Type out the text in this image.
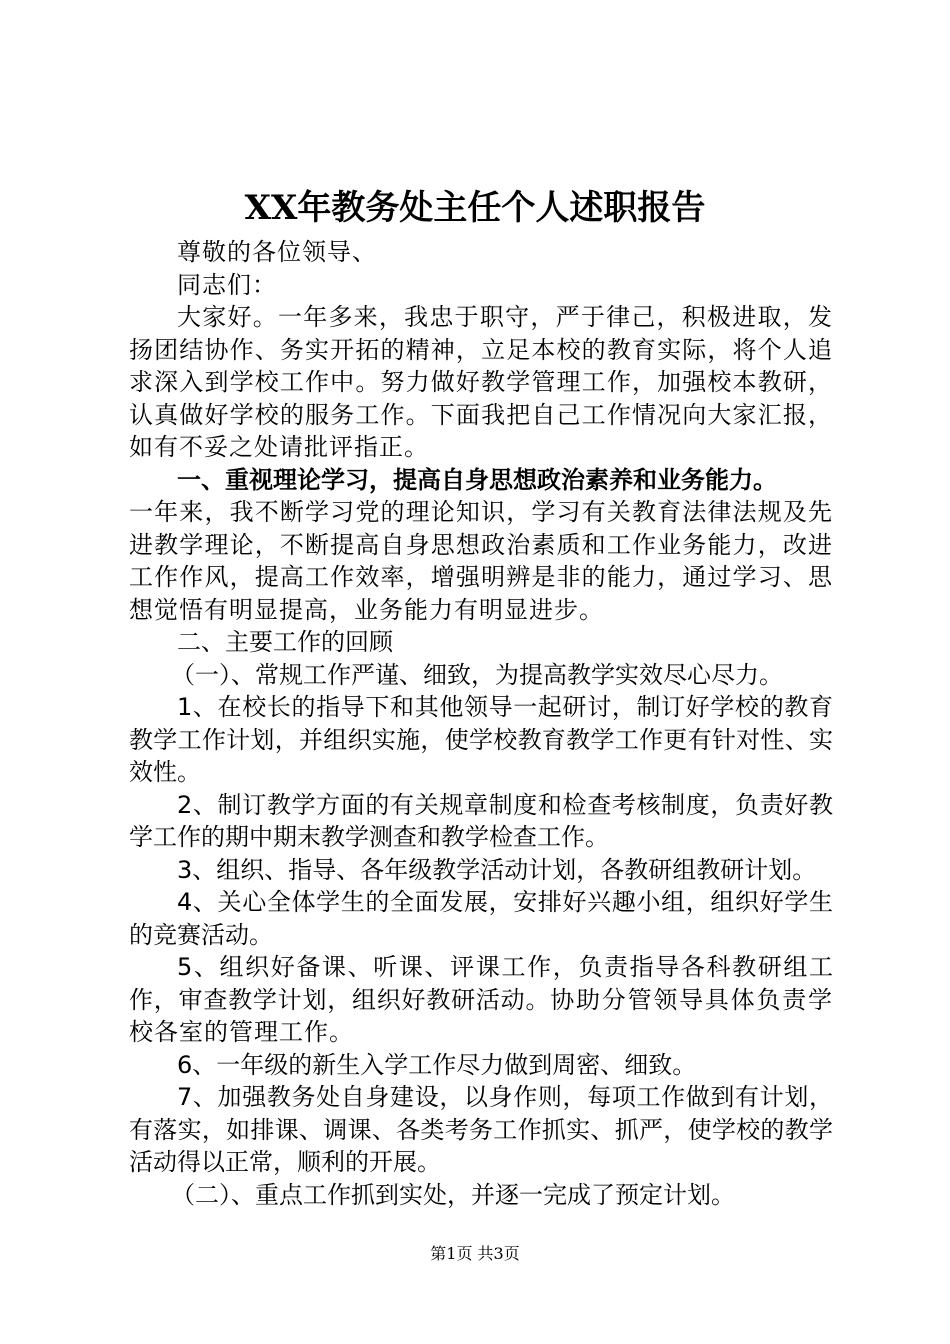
XX年教务处主任个人述职报告

尊敬的各位领导、

同志们：

大家好。一年多来，我忠于职守，严于律己，积极进取，发扬团结协作、务实开拓的精神，立足本校的教育实际，将个人追求深入到学校工作中。努力做好教学管理工作，加强校本教研，认真做好学校的服务工作。下面我把自己工作情况向大家汇报，如有不妥之处请批评指正。

一、重视理论学习，提高自身思想政治素养和业务能力。

一年来，我不断学习党的理论知识，学习有关教育法律法规及先进教学理论，不断提高自身思想政治素质和工作业务能力，改进工作作风，提高工作效率，增强明辨是非的能力，通过学习、思想觉悟有明显提高，业务能力有明显进步。

二、主要工作的回顾

（一）、常规工作严谨、细致，为提高教学实效尽心尽力。

1、在校长的指导下和其他领导一起研讨，制订好学校的教育教学工作计划，并组织实施，使学校教育教学工作更有针对性、实效性。

2、制订教学方面的有关规章制度和检查考核制度，负责好教学工作的期中期末教学测查和教学检查工作。

3、组织、指导、各年级教学活动计划，各教研组教研计划。

4、关心全体学生的全面发展，安排好兴趣小组，组织好学生的竞赛活动。

5、组织好备课、听课、评课工作，负责指导各科教研组工作，审查教学计划，组织好教研活动。协助分管领导具体负责学校各室的管理工作。

6、一年级的新生入学工作尽力做到周密、细致。

7、加强教务处自身建设，以身作则，每项工作做到有计划，有落实，如排课、调课、各类考务工作抓实、抓严，使学校的教学活动得以正常，顺利的开展。

（二）、重点工作抓到实处，并逐一完成了预定计划。

第1页 共3页
